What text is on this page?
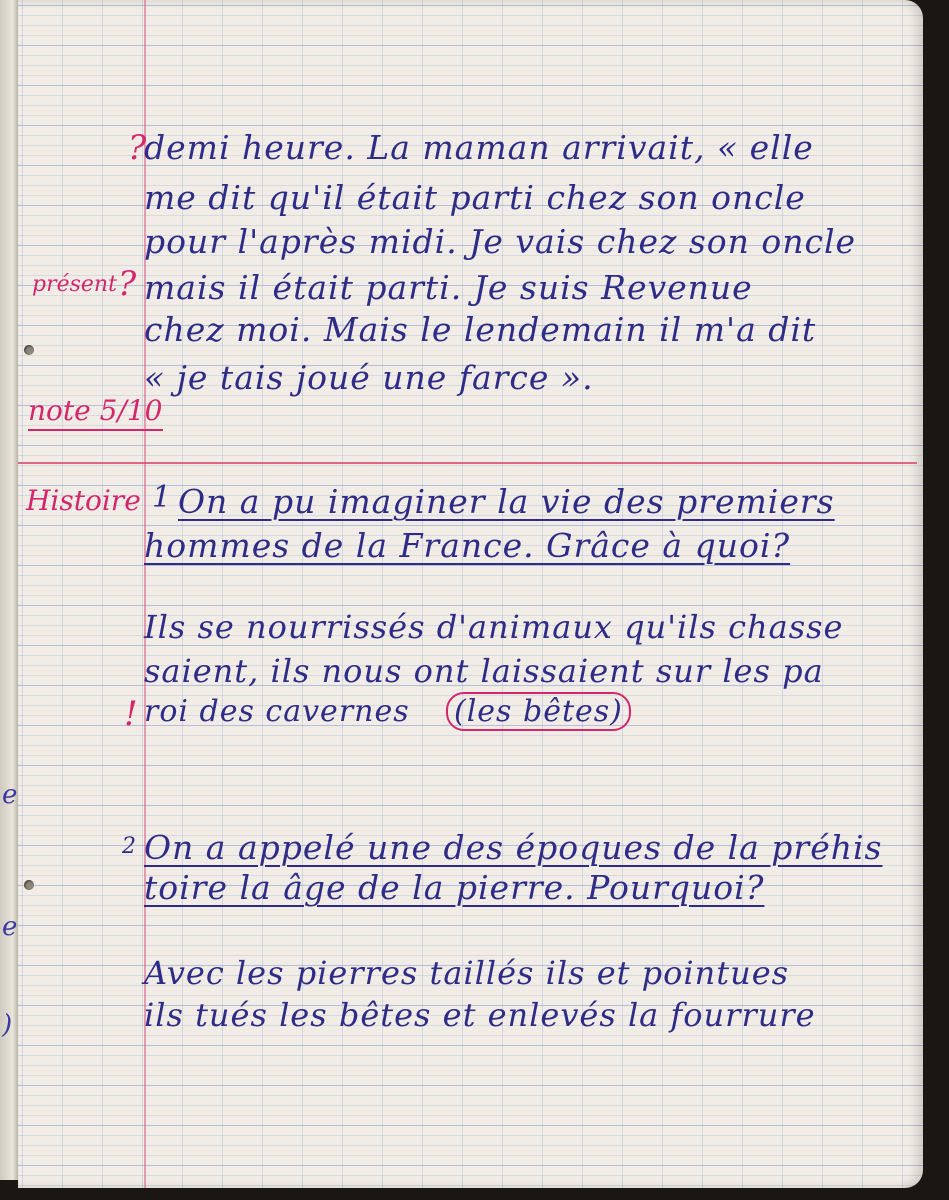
e
e
)
?
demi heure. La maman arrivait, « elle
me dit qu'il était parti chez son oncle
pour l'après midi. Je vais chez son oncle
présent ? mais il était parti. Je suis Revenue
chez moi. Mais le lendemain il m'a dit
« je tais joué une farce ».
note 5/10
Histoire 1 On a pu imaginer la vie des premiers
hommes de la France. Grâce à quoi?
Ils se nourrissés d'animaux qu'ils chasse
saient, ils nous ont laissaient sur les pa
! roi des cavernes (les bêtes)
2 On a appelé une des époques de la préhis
toire la âge de la pierre. Pourquoi?
Avec les pierres taillés ils et pointues
ils tués les bêtes et enlevés la fourrure
